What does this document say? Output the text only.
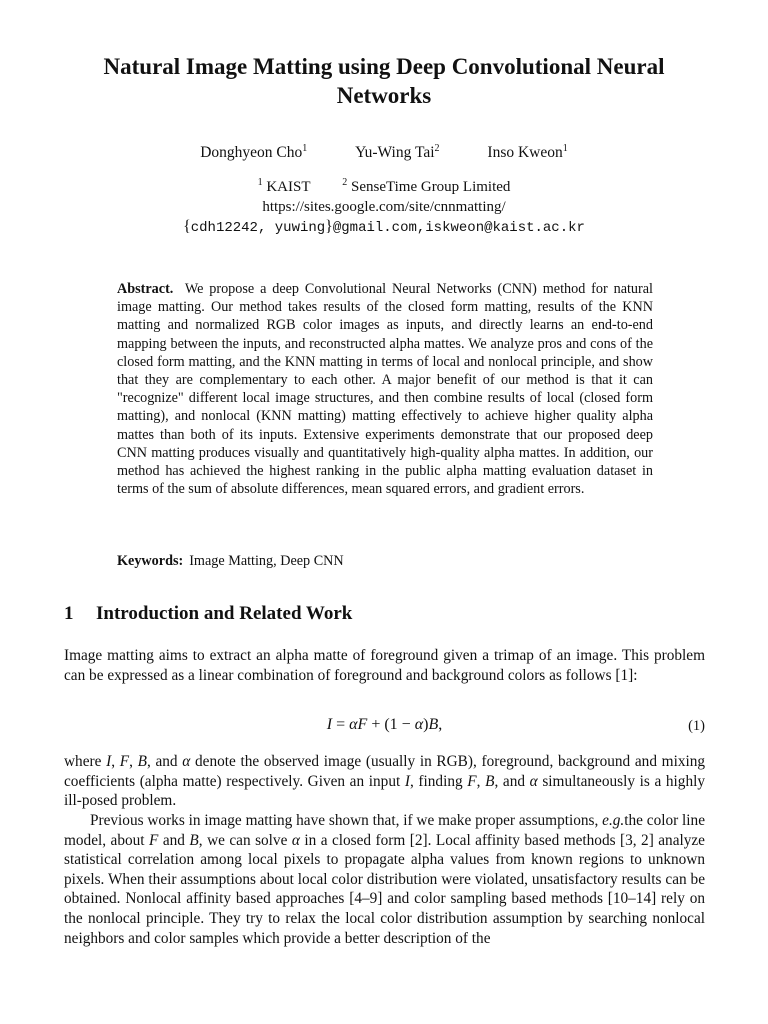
Natural Image Matting using Deep Convolutional Neural Networks
Donghyeon Cho$^1$	Yu-Wing Tai$^2$	Inso Kweon$^1$
$^1$ KAIST	$^2$ SenseTime Group Limited
https://sites.google.com/site/cnnmatting/
{cdh12242, yuwing}@gmail.com,iskweon@kaist.ac.kr
Abstract. We propose a deep Convolutional Neural Networks (CNN) method for natural image matting. Our method takes results of the closed form matting, results of the KNN matting and normalized RGB color images as inputs, and directly learns an end-to-end mapping between the inputs, and reconstructed alpha mattes. We analyze pros and cons of the closed form matting, and the KNN matting in terms of local and nonlocal principle, and show that they are complementary to each other. A major benefit of our method is that it can "recognize" different local image structures, and then combine results of local (closed form matting), and nonlocal (KNN matting) matting effectively to achieve higher quality alpha mattes than both of its inputs. Extensive experiments demonstrate that our proposed deep CNN matting produces visually and quantitatively high-quality alpha mattes. In addition, our method has achieved the highest ranking in the public alpha matting evaluation dataset in terms of the sum of absolute differences, mean squared errors, and gradient errors.
Keywords: Image Matting, Deep CNN
1 Introduction and Related Work
Image matting aims to extract an alpha matte of foreground given a trimap of an image. This problem can be expressed as a linear combination of foreground and background colors as follows [1]:
I = αF + (1 − α)B,	(1)
where I, F, B, and α denote the observed image (usually in RGB), foreground, background and mixing coefficients (alpha matte) respectively. Given an input I, finding F, B, and α simultaneously is a highly ill-posed problem.
Previous works in image matting have shown that, if we make proper assumptions, e.g.the color line model, about F and B, we can solve α in a closed form [2]. Local affinity based methods [3, 2] analyze statistical correlation among local pixels to propagate alpha values from known regions to unknown pixels. When their assumptions about local color distribution were violated, unsatisfactory results can be obtained. Nonlocal affinity based approaches [4–9] and color sampling based methods [10–14] rely on the nonlocal principle. They try to relax the local color distribution assumption by searching nonlocal neighbors and color samples which provide a better description of the
